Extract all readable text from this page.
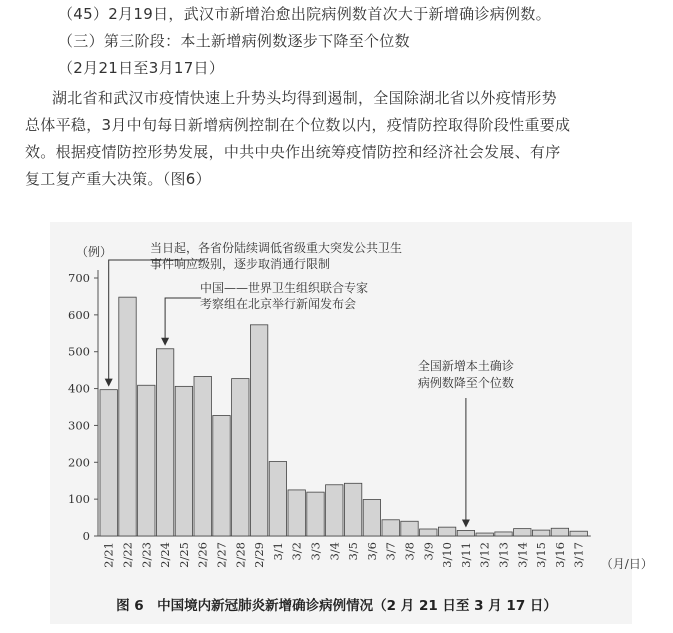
（45）2月19日，武汉市新增治愈出院病例数首次大于新增确诊病例数。
（三）第三阶段：本土新增病例数逐步下降至个位数
（2月21日至3月17日）
湖北省和武汉市疫情快速上升势头均得到遏制，全国除湖北省以外疫情形势
总体平稳，3月中旬每日新增病例控制在个位数以内，疫情防控取得阶段性重要成
效。根据疫情防控形势发展，中共中央作出统筹疫情防控和经济社会发展、有序
复工复产重大决策。（图6）
（例）
0
100
200
300
400
500
600
700
2/21 2/22 2/23 2/24 2/25 2/26 2/27 2/28 2/29 3/1 3/2 3/3 3/4 3/5 3/6 3/7 3/8 3/9 3/10 3/11 3/12 3/13 3/14 3/15 3/16 3/17 （月/日）
当日起，各省份陆续调低省级重大突发公共卫生
事件响应级别，逐步取消通行限制
中国——世界卫生组织联合专家
考察组在北京举行新闻发布会
全国新增本土确诊
病例数降至个位数
图 6　中国境内新冠肺炎新增确诊病例情况（2 月 21 日至 3 月 17 日）
